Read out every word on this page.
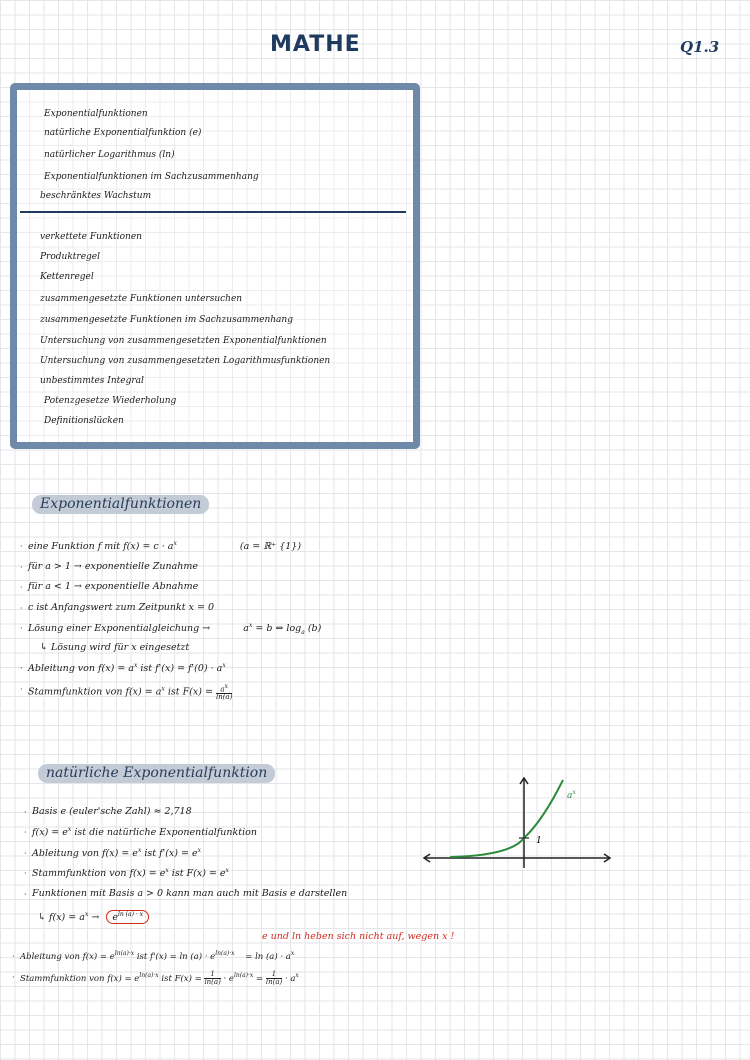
MATHE	Q1.3
Exponentialfunktionen
natürliche Exponentialfunktion (e)
natürlicher Logarithmus (ln)
Exponentialfunktionen im Sachzusammenhang
beschränktes Wachstum
verkettete Funktionen
Produktregel
Kettenregel
zusammengesetzte Funktionen untersuchen
zusammengesetzte Funktionen im Sachzusammenhang
Untersuchung von zusammengesetzten Exponentialfunktionen
Untersuchung von zusammengesetzten Logarithmusfunktionen
unbestimmtes Integral
Potenzgesetze Wiederholung
Definitionslücken
Exponentialfunktionen
eine Funktion f mit $f(x) = c \cdot a^x$	(a = ℝ⁺ {1})
für a > 1 → exponentielle Zunahme
für a < 1 → exponentielle Abnahme
c ist Anfangswert zum Zeitpunkt x = 0
Lösung einer Exponentialgleichung →	$a^x = b$ ⇔ $\log_a (b)$
↳ Lösung wird für x eingesetzt
Ableitung von $f(x) = a^x$ ist $f'(x) = f'(0) \cdot a^x$
Stammfunktion von $f(x) = a^x$ ist $F(x) = \frac{a^x}{\ln(a)}$
·
·
·
·
·
·
·
natürliche Exponentialfunktion
Basis e (euler'sche Zahl) ≈ 2,718
$f(x) = e^x$ ist die natürliche Exponentialfunktion
Ableitung von $f(x) = e^x$ ist $f'(x) = e^x$
Stammfunktion von $f(x) = e^x$ ist $F(x) = e^x$
Funktionen mit Basis a > 0 kann man auch mit Basis e darstellen
↳ $f(x) = a^x \to e^{ln (a) \cdot x}$
e und ln heben sich nicht auf, wegen x !
Ableitung von $f(x) = e^{ln(a)\cdot x}$ ist $f'(x) = \ln (a) \cdot e^{ln(a)\cdot x} = \ln (a) \cdot a^x$
Stammfunktion von $f(x) = e^{ln(a)\cdot x}$ ist $F(x) = \frac{1}{\ln(a)} \cdot e^{ln(a)\cdot x} = \frac{1}{\ln(a)} \cdot a^x$
·
·
·
·
·
·
·
1
$a^x$
